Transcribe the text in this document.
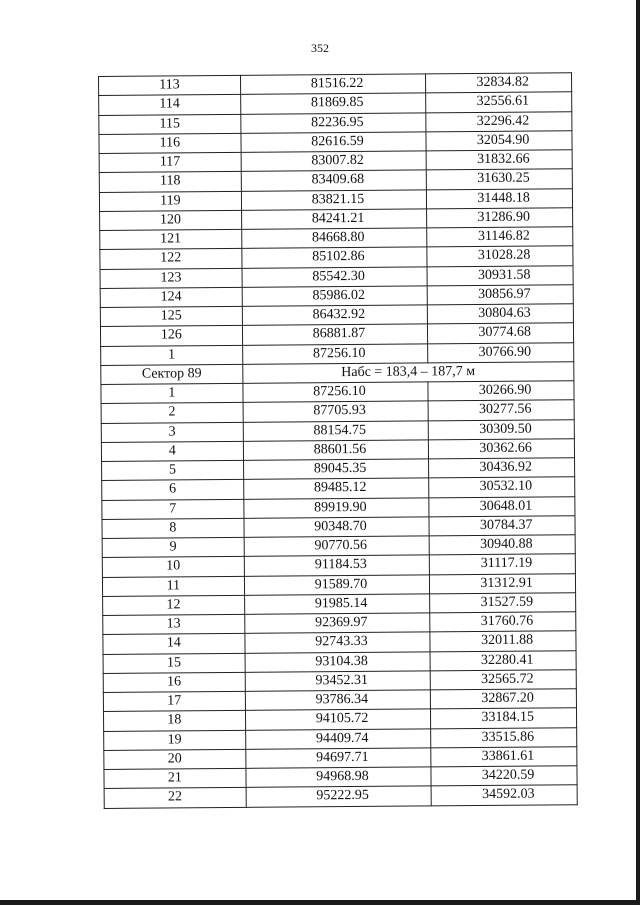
352
113	81516.22	32834.82
114	81869.85	32556.61
115	82236.95	32296.42
116	82616.59	32054.90
117	83007.82	31832.66
118	83409.68	31630.25
119	83821.15	31448.18
120	84241.21	31286.90
121	84668.80	31146.82
122	85102.86	31028.28
123	85542.30	30931.58
124	85986.02	30856.97
125	86432.92	30804.63
126	86881.87	30774.68
1	87256.10	30766.90
Сектор 89	Набс = 183,4 – 187,7 м	
1	87256.10	30266.90
2	87705.93	30277.56
3	88154.75	30309.50
4	88601.56	30362.66
5	89045.35	30436.92
6	89485.12	30532.10
7	89919.90	30648.01
8	90348.70	30784.37
9	90770.56	30940.88
10	91184.53	31117.19
11	91589.70	31312.91
12	91985.14	31527.59
13	92369.97	31760.76
14	92743.33	32011.88
15	93104.38	32280.41
16	93452.31	32565.72
17	93786.34	32867.20
18	94105.72	33184.15
19	94409.74	33515.86
20	94697.71	33861.61
21	94968.98	34220.59
22	95222.95	34592.03
